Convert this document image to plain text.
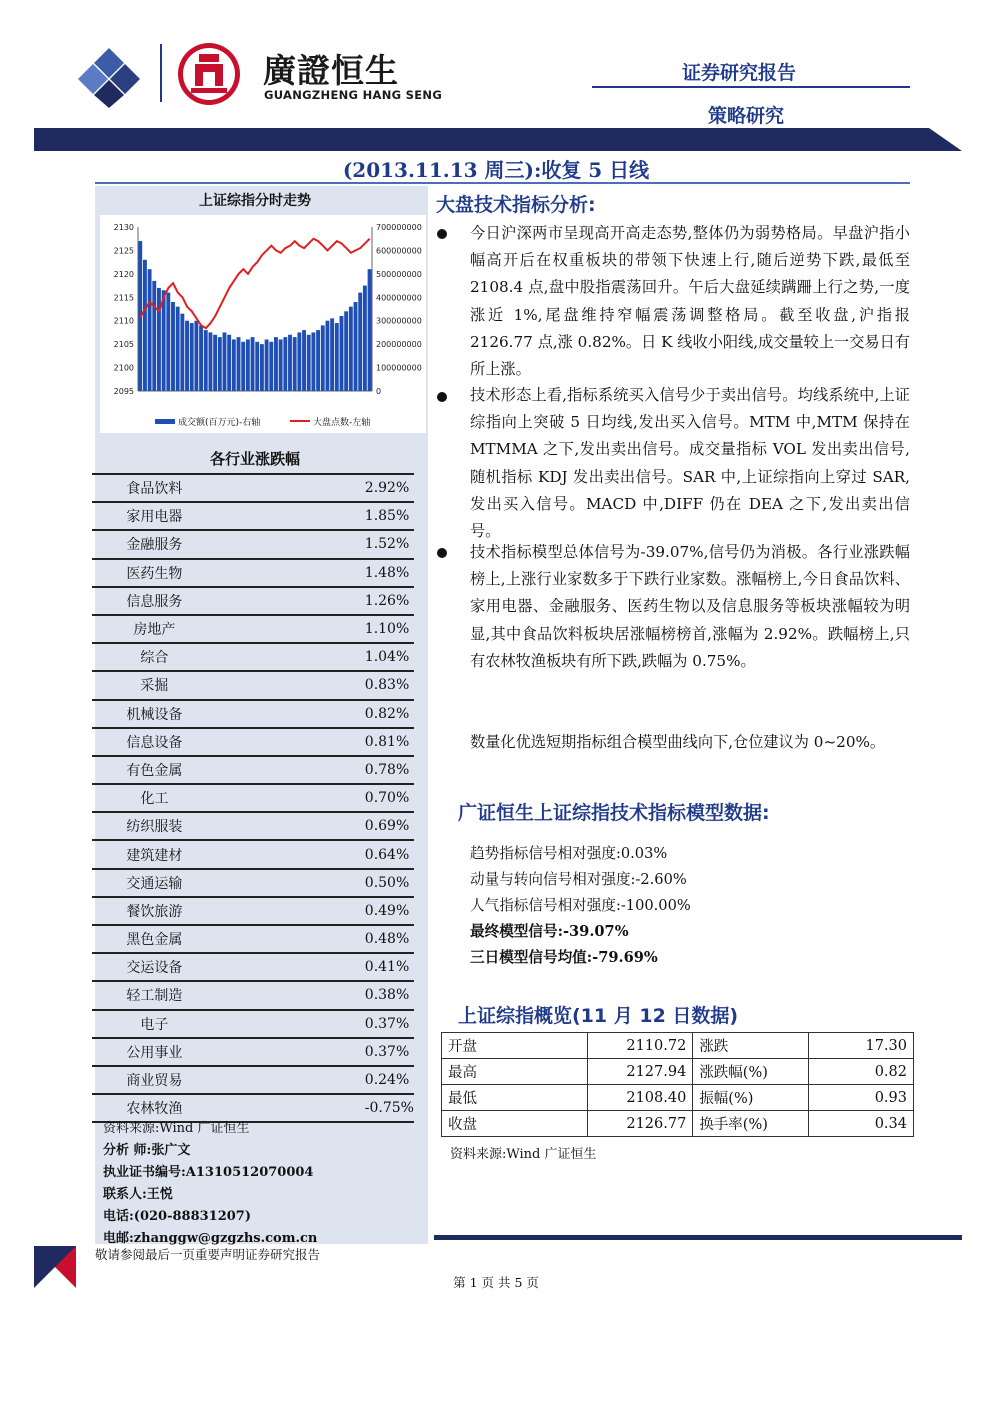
廣證恒生
GUANGZHENG HANG SENG
证券研究报告
策略研究
(2013.11.13 周三):收复 5 日线
上证综指分时走势
2130
2125
2120
2115
2110
2105
2100
2095
700000000
600000000
500000000
400000000
300000000
200000000
100000000
0
成交额(百万元)-右轴	大盘点数-左轴
各行业涨跌幅
食品饮料	2.92%
家用电器	1.85%
金融服务	1.52%
医药生物	1.48%
信息服务	1.26%
房地产	1.10%
综合	1.04%
采掘	0.83%
机械设备	0.82%
信息设备	0.81%
有色金属	0.78%
化工	0.70%
纺织服装	0.69%
建筑建材	0.64%
交通运输	0.50%
餐饮旅游	0.49%
黑色金属	0.48%
交运设备	0.41%
轻工制造	0.38%
电子	0.37%
公用事业	0.37%
商业贸易	0.24%
农林牧渔	-0.75%
资料来源:Wind 广证恒生
分析 师:张广文
执业证书编号:A1310512070004
联系人:王悦
电话:(020-88831207)
电邮:zhanggw@gzgzhs.com.cn
大盘技术指标分析:
今日沪深两市呈现高开高走态势,整体仍为弱势格局。早盘沪指小幅高开后在权重板块的带领下快速上行,随后逆势下跌,最低至 2108.4 点,盘中股指震荡回升。午后大盘延续蹒跚上行之势,一度涨近 1%,尾盘维持窄幅震荡调整格局。截至收盘,沪指报 2126.77 点,涨 0.82%。日 K 线收小阳线,成交量较上一交易日有所上涨。
技术形态上看,指标系统买入信号少于卖出信号。均线系统中,上证综指向上突破 5 日均线,发出买入信号。MTM 中,MTM 保持在 MTMMA 之下,发出卖出信号。成交量指标 VOL 发出卖出信号,随机指标 KDJ 发出卖出信号。SAR 中,上证综指向上穿过 SAR,发出买入信号。MACD 中,DIFF 仍在 DEA 之下,发出卖出信号。
技术指标模型总体信号为-39.07%,信号仍为消极。各行业涨跌幅榜上,上涨行业家数多于下跌行业家数。涨幅榜上,今日食品饮料、家用电器、金融服务、医药生物以及信息服务等板块涨幅较为明显,其中食品饮料板块居涨幅榜榜首,涨幅为 2.92%。跌幅榜上,只有农林牧渔板块有所下跌,跌幅为 0.75%。
数量化优选短期指标组合模型曲线向下,仓位建议为 0~20%。
广证恒生上证综指技术指标模型数据:
趋势指标信号相对强度:0.03%
动量与转向信号相对强度:-2.60%
人气指标信号相对强度:-100.00%
最终模型信号:-39.07%
三日模型信号均值:-79.69%
上证综指概览(11 月 12 日数据)
开盘	2110.72	涨跌	17.30
最高	2127.94	涨跌幅(%)	0.82
最低	2108.40	振幅(%)	0.93
收盘	2126.77	换手率(%)	0.34
资料来源:Wind 广证恒生
敬请参阅最后一页重要声明证券研究报告
第 1 页 共 5 页
